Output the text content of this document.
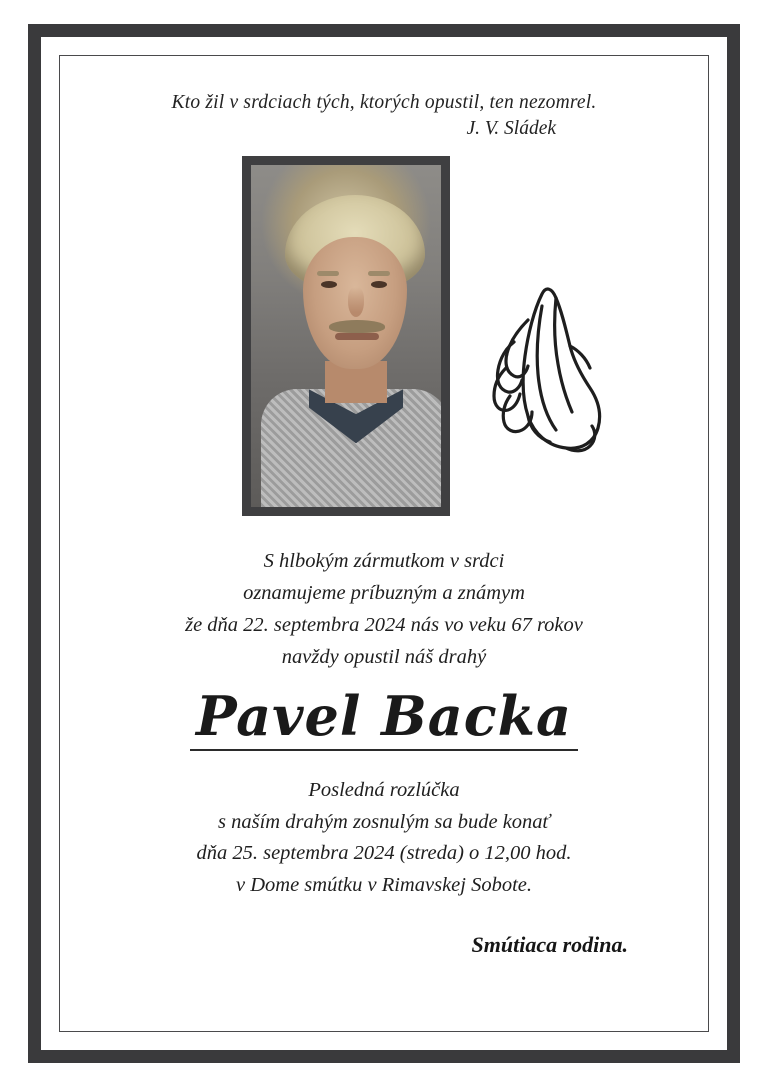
Kto žil v srdciach tých, ktorých opustil, ten nezomrel.
J. V. Sládek
S hlbokým zármutkom v srdci
oznamujeme príbuzným a známym
že dňa 22. septembra 2024 nás vo veku 67 rokov
navždy opustil náš drahý
Pavel Backa
Posledná rozlúčka
s naším drahým zosnulým sa bude konať
dňa 25. septembra 2024 (streda) o 12,00 hod.
v Dome smútku v Rimavskej Sobote.
Smútiaca rodina.
